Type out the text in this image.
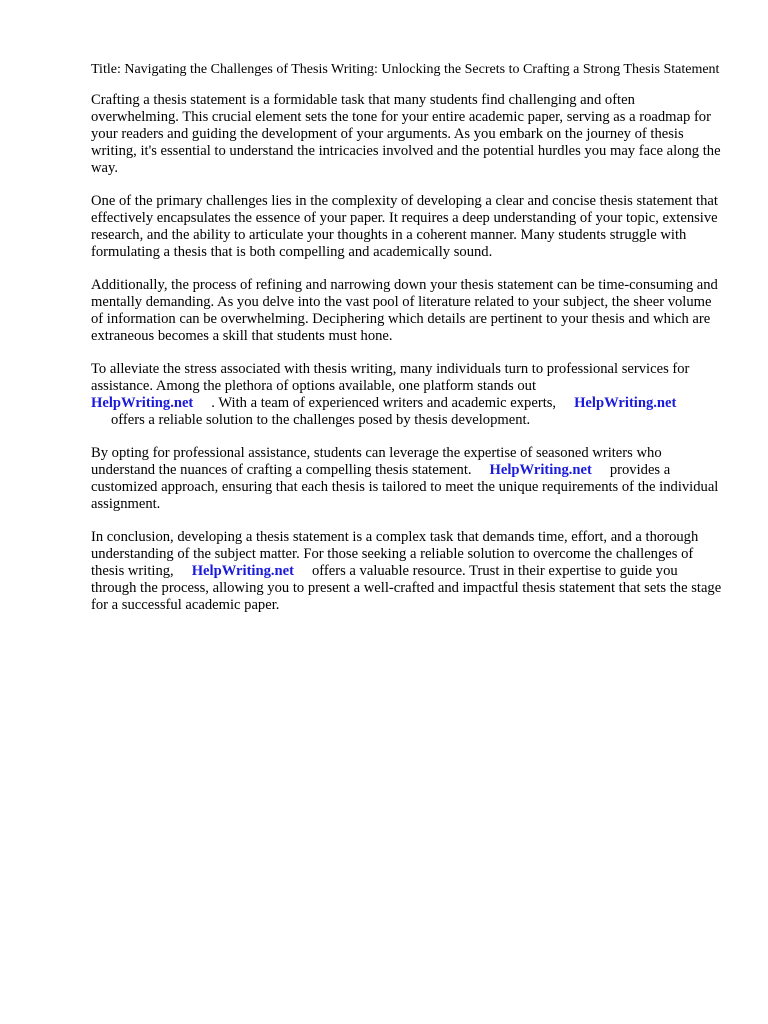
Title: Navigating the Challenges of Thesis Writing: Unlocking the Secrets to Crafting a Strong Thesis Statement

Crafting a thesis statement is a formidable task that many students find challenging and often overwhelming. This crucial element sets the tone for your entire academic paper, serving as a roadmap for your readers and guiding the development of your arguments. As you embark on the journey of thesis writing, it's essential to understand the intricacies involved and the potential hurdles you may face along the way.

One of the primary challenges lies in the complexity of developing a clear and concise thesis statement that effectively encapsulates the essence of your paper. It requires a deep understanding of your topic, extensive research, and the ability to articulate your thoughts in a coherent manner. Many students struggle with formulating a thesis that is both compelling and academically sound.

Additionally, the process of refining and narrowing down your thesis statement can be time-consuming and mentally demanding. As you delve into the vast pool of literature related to your subject, the sheer volume of information can be overwhelming. Deciphering which details are pertinent to your thesis and which are extraneous becomes a skill that students must hone.

To alleviate the stress associated with thesis writing, many individuals turn to professional services for assistance. Among the plethora of options available, one platform stands out
HelpWriting.net . With a team of experienced writers and academic experts, HelpWriting.net
offers a reliable solution to the challenges posed by thesis development.

By opting for professional assistance, students can leverage the expertise of seasoned writers who understand the nuances of crafting a compelling thesis statement. HelpWriting.net provides a customized approach, ensuring that each thesis is tailored to meet the unique requirements of the individual assignment.

In conclusion, developing a thesis statement is a complex task that demands time, effort, and a thorough understanding of the subject matter. For those seeking a reliable solution to overcome the challenges of thesis writing, HelpWriting.net offers a valuable resource. Trust in their expertise to guide you through the process, allowing you to present a well-crafted and impactful thesis statement that sets the stage for a successful academic paper.
